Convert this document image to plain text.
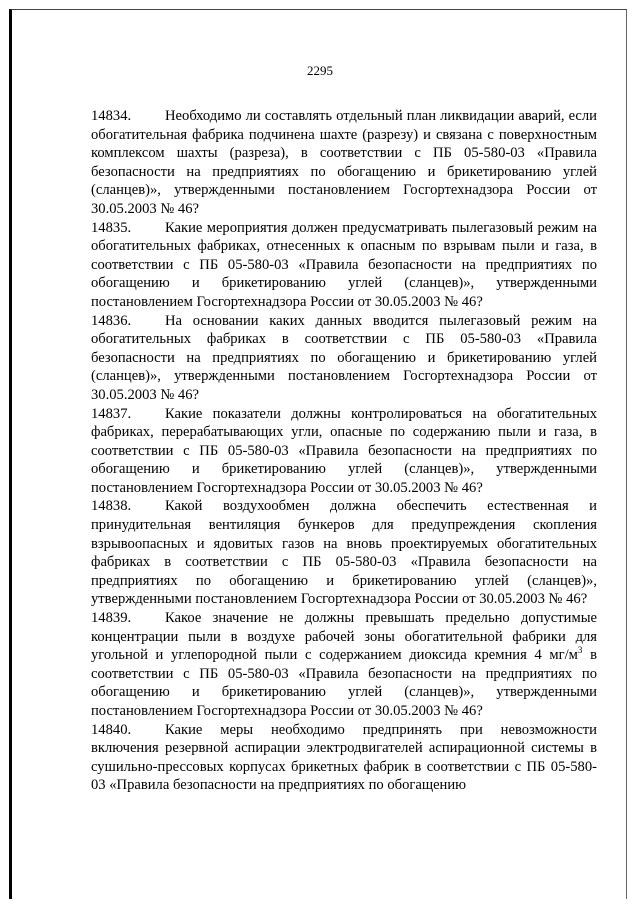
2295

14834. Необходимо ли составлять отдельный план ликвидации аварий, если обогатительная фабрика подчинена шахте (разрезу) и связана с поверхностным комплексом шахты (разреза), в соответствии с ПБ 05-580-03 «Правила безопасности на предприятиях по обогащению и брикетированию углей (сланцев)», утвержденными постановлением Госгортехнадзора России от 30.05.2003 № 46?

14835. Какие мероприятия должен предусматривать пылегазовый режим на обогатительных фабриках, отнесенных к опасным по взрывам пыли и газа, в соответствии с ПБ 05-580-03 «Правила безопасности на предприятиях по обогащению и брикетированию углей (сланцев)», утвержденными постановлением Госгортехнадзора России от 30.05.2003 № 46?

14836. На основании каких данных вводится пылегазовый режим на обогатительных фабриках в соответствии с ПБ 05-580-03 «Правила безопасности на предприятиях по обогащению и брикетированию углей (сланцев)», утвержденными постановлением Госгортехнадзора России от 30.05.2003 № 46?

14837. Какие показатели должны контролироваться на обогатительных фабриках, перерабатывающих угли, опасные по содержанию пыли и газа, в соответствии с ПБ 05-580-03 «Правила безопасности на предприятиях по обогащению и брикетированию углей (сланцев)», утвержденными постановлением Госгортехнадзора России от 30.05.2003 № 46?

14838. Какой воздухообмен должна обеспечить естественная и принудительная вентиляция бункеров для предупреждения скопления взрывоопасных и ядовитых газов на вновь проектируемых обогатительных фабриках в соответствии с ПБ 05-580-03 «Правила безопасности на предприятиях по обогащению и брикетированию углей (сланцев)», утвержденными постановлением Госгортехнадзора России от 30.05.2003 № 46?

14839. Какое значение не должны превышать предельно допустимые концентрации пыли в воздухе рабочей зоны обогатительной фабрики для угольной и углепородной пыли с содержанием диоксида кремния 4 $мг/м^3$ в соответствии с ПБ 05-580-03 «Правила безопасности на предприятиях по обогащению и брикетированию углей (сланцев)», утвержденными постановлением Госгортехнадзора России от 30.05.2003 № 46?

14840. Какие меры необходимо предпринять при невозможности включения резервной аспирации электродвигателей аспирационной системы в сушильно-прессовых корпусах брикетных фабрик в соответствии с ПБ 05-580-03 «Правила безопасности на предприятиях по обогащению
